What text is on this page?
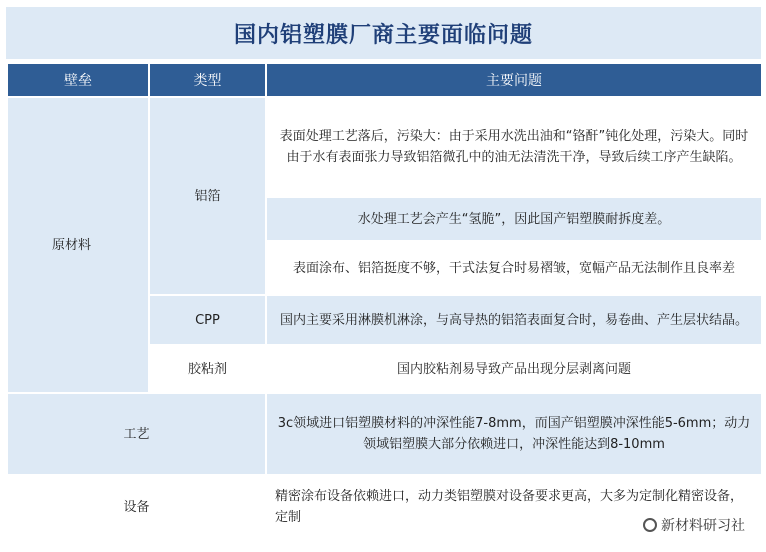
国内铝塑膜厂商主要面临问题
壁垒	类型	主要问题
原材料	铝箔	表面处理工艺落后，污染大：由于采用水洗出油和“铬酐”钝化处理，污染大。同时由于水有表面张力导致铝箔微孔中的油无法清洗干净，导致后续工序产生缺陷。
		水处理工艺会产生“氢脆”，因此国产铝塑膜耐拆度差。
		表面涂布、铝箔挺度不够，干式法复合时易褶皱，宽幅产品无法制作且良率差
	CPP	国内主要采用淋膜机淋涂，与高导热的铝箔表面复合时，易卷曲、产生层状结晶。
	胶粘剂	国内胶粘剂易导致产品出现分层剥离问题
工艺		3c领域进口铝塑膜材料的冲深性能7-8mm，而国产铝塑膜冲深性能5-6mm；动力领域铝塑膜大部分依赖进口，冲深性能达到8-10mm
设备		精密涂布设备依赖进口，动力类铝塑膜对设备要求更高，大多为定制化精密设备，定制
新材料研习社
